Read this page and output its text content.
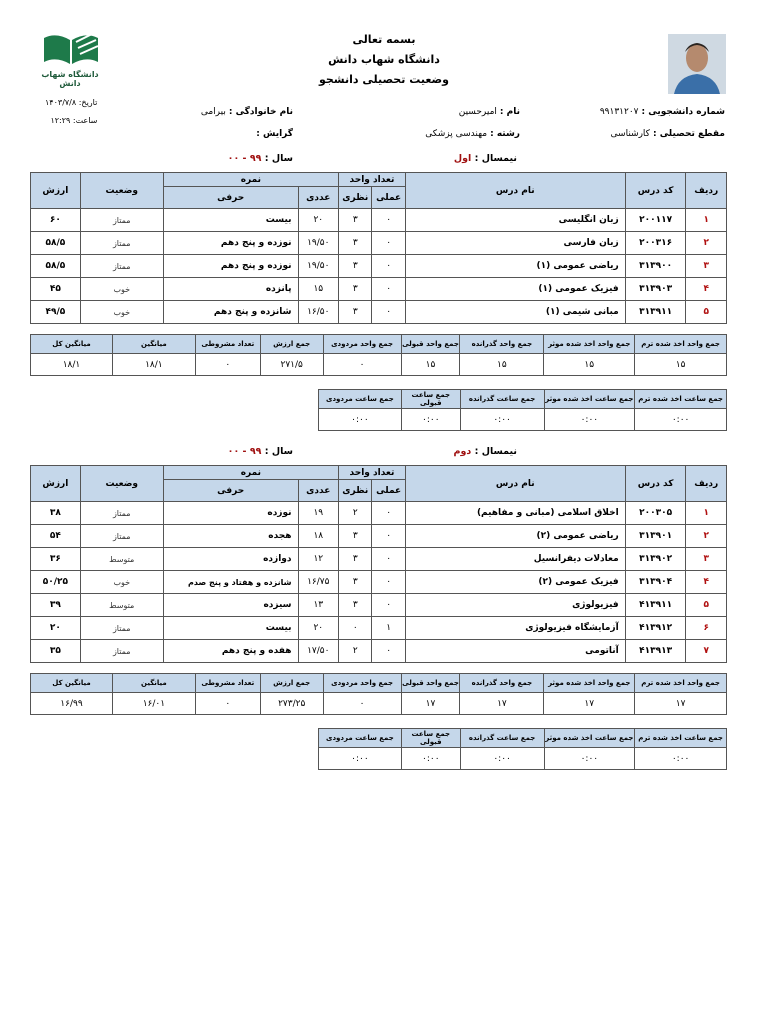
بسمه تعالی
دانشگاه شهاب دانش
وضعیت تحصیلی دانشجو
دانشگاه شهاب دانش
تاریخ: ۱۴۰۳/۷/۸
ساعت: ۱۲:۲۹
شماره دانشجویی :۹۹۱۳۱۲۰۷
نام :امیرحسین
نام خانوادگی :بیرامی
مقطع تحصیلی :کارشناسی
رشته :مهندسی پزشکی
گرایش :
نیمسال : اول
سال : ۹۹ - ۰۰
ردیف	کد درس	نام درس	تعداد واحد		نمره		وضعیت	ارزش
			عملی	نظری	عددی	حرفی		
۱	۲۰۰۱۱۷	زبان انگلیسی	۰	۳	۲۰	بیست	ممتاز	۶۰
۲	۲۰۰۳۱۶	زبان فارسی	۰	۳	۱۹/۵۰	نوزده و پنج دهم	ممتاز	۵۸/۵
۳	۳۱۳۹۰۰	ریاضی عمومی (۱)	۰	۳	۱۹/۵۰	نوزده و پنج دهم	ممتاز	۵۸/۵
۴	۳۱۳۹۰۳	فیزیک عمومی (۱)	۰	۳	۱۵	پانزده	خوب	۴۵
۵	۳۱۳۹۱۱	مبانی شیمی (۱)	۰	۳	۱۶/۵۰	شانزده و پنج دهم	خوب	۴۹/۵
جمع واحد اخذ شده ترم	جمع واحد اخذ شده موثر	جمع واحد گذرانده	جمع واحد قبولی	جمع واحد مردودی	جمع ارزش	تعداد مشروطی	میانگین	میانگین کل
۱۵	۱۵	۱۵	۱۵	۰	۲۷۱/۵	۰	۱۸/۱	۱۸/۱
جمع ساعت اخذ شده ترم	جمع ساعت اخذ شده موثر	جمع ساعت گذرانده	جمع ساعت قبولی	جمع ساعت مردودی
۰:۰۰	۰:۰۰	۰:۰۰	۰:۰۰	۰:۰۰
نیمسال : دوم
سال : ۹۹ - ۰۰
ردیف	کد درس	نام درس	تعداد واحد		نمره		وضعیت	ارزش
			عملی	نظری	عددی	حرفی		
۱	۲۰۰۳۰۵	اخلاق اسلامی (مبانی و مفاهیم)	۰	۲	۱۹	نوزده	ممتاز	۳۸
۲	۳۱۳۹۰۱	ریاضی عمومی (۲)	۰	۳	۱۸	هجده	ممتاز	۵۴
۳	۳۱۳۹۰۲	معادلات دیفرانسیل	۰	۳	۱۲	دوازده	متوسط	۳۶
۴	۳۱۳۹۰۴	فیزیک عمومی (۲)	۰	۳	۱۶/۷۵	شانزده و هفتاد و پنج صدم	خوب	۵۰/۲۵
۵	۴۱۳۹۱۱	فیزیولوژی	۰	۳	۱۳	سیزده	متوسط	۳۹
۶	۴۱۳۹۱۲	آزمایشگاه فیزیولوژی	۱	۰	۲۰	بیست	ممتاز	۲۰
۷	۴۱۳۹۱۳	آناتومی	۰	۲	۱۷/۵۰	هفده و پنج دهم	ممتاز	۳۵
جمع واحد اخذ شده ترم	جمع واحد اخذ شده موثر	جمع واحد گذرانده	جمع واحد قبولی	جمع واحد مردودی	جمع ارزش	تعداد مشروطی	میانگین	میانگین کل
۱۷	۱۷	۱۷	۱۷	۰	۲۷۳/۲۵	۰	۱۶/۰۱	۱۶/۹۹
جمع ساعت اخذ شده ترم	جمع ساعت اخذ شده موثر	جمع ساعت گذرانده	جمع ساعت قبولی	جمع ساعت مردودی
۰:۰۰	۰:۰۰	۰:۰۰	۰:۰۰	۰:۰۰
